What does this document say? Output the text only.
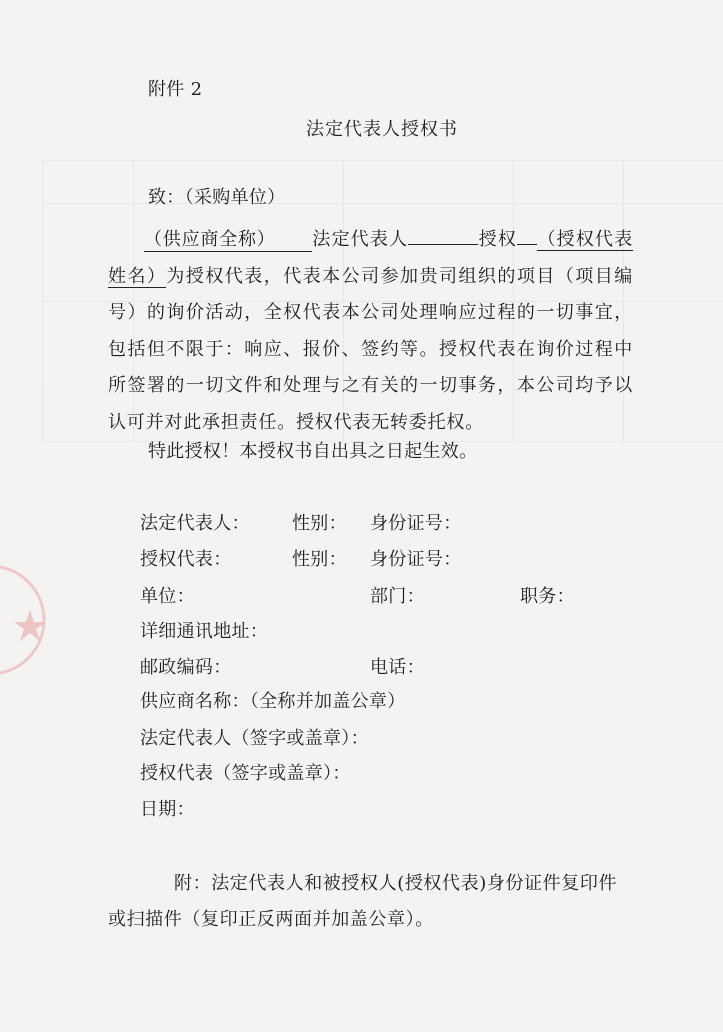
附件 2
法定代表人授权书
致：（采购单位）
（供应商全称） 法定代表人	授权 （授权代表姓名）为授权代表，代表本公司参加贵司组织的项目（项目编号）的询价活动，全权代表本公司处理响应过程的一切事宜，包括但不限于：响应、报价、签约等。授权代表在询价过程中所签署的一切文件和处理与之有关的一切事务，本公司均予以认可并对此承担责任。授权代表无转委托权。
特此授权！本授权书自出具之日起生效。
法定代表人： 性别： 身份证号：
授权代表：	性别： 身份证号：
单位：	部门：	职务：
详细通讯地址：
邮政编码：	电话：
供应商名称：（全称并加盖公章）
法定代表人（签字或盖章）：
授权代表（签字或盖章）：
日期：
附：法定代表人和被授权人(授权代表)身份证件复印件或扫描件（复印正反两面并加盖公章）。
